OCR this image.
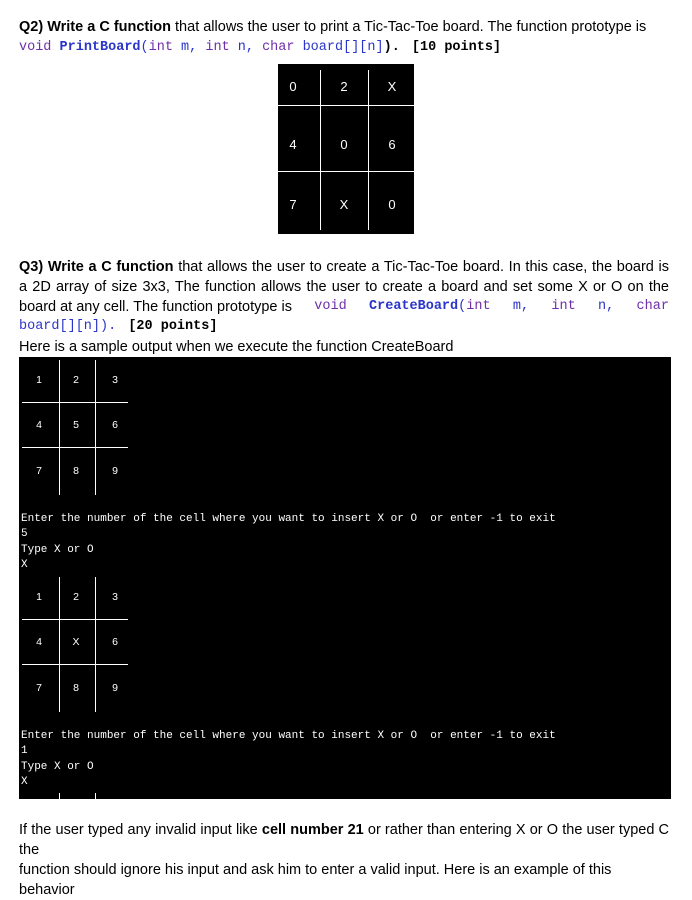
Q2) Write a C function that allows the user to print a Tic-Tac-Toe board. The function prototype is
void PrintBoard(int m, int n, char board[][n]). [10 points]
0	2	X
4	0	6
7	X	0
Q3) Write a C function that allows the user to create a Tic-Tac-Toe board. In this case, the board is
a 2D array of size 3x3, The function allows the user to create a board and set some X or O on the
board at any cell. The function prototype is void CreateBoard(int m, int n, char
board[][n]). [20 points]
Here is a sample output when we execute the function CreateBoard
1	2	3
4	5	6
7	8	9
Enter the number of the cell where you want to insert X or O  or enter -1 to exit
5
Type X or O
X
1	2	3
4	X	6
7	8	9
Enter the number of the cell where you want to insert X or O  or enter -1 to exit
1
Type X or O
X
If the user typed any invalid input like cell number 21 or rather than entering X or O the user typed C the
function should ignore his input and ask him to enter a valid input. Here is an example of this behavior
